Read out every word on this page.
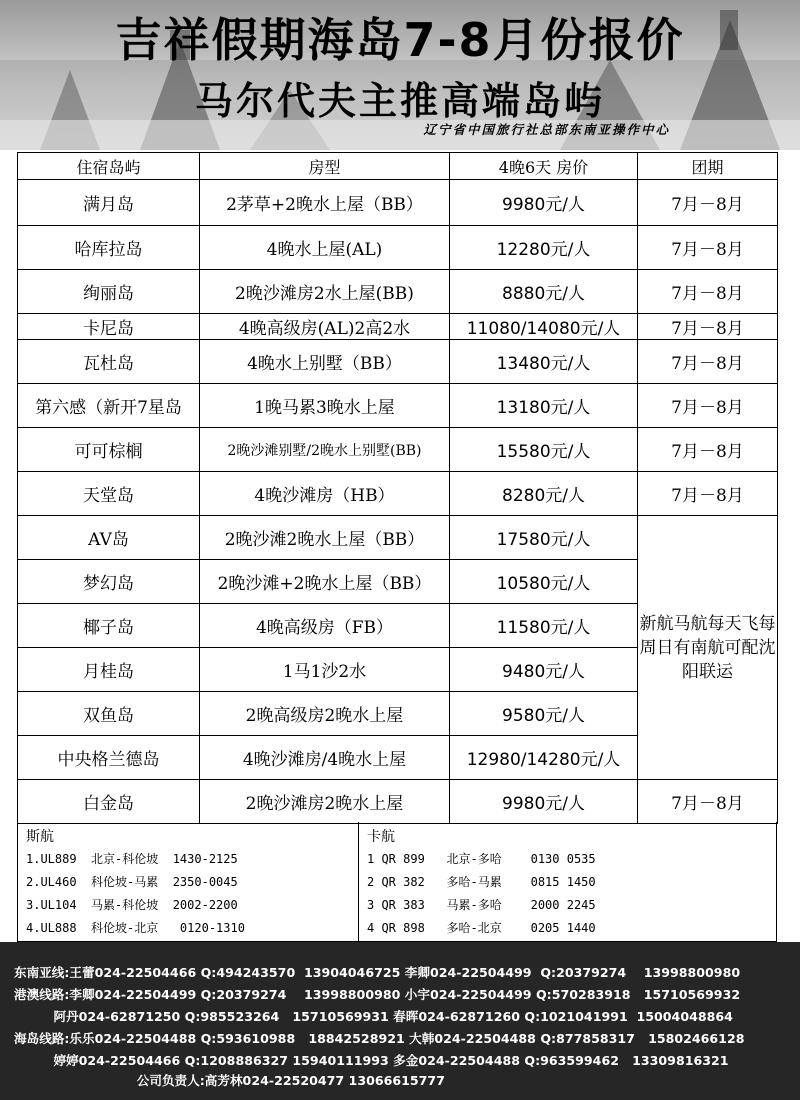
吉祥假期海岛7-8月份报价
马尔代夫主推高端岛屿
辽宁省中国旅行社总部东南亚操作中心
住宿岛屿	房型	4晚6天 房价	团期
满月岛	2茅草+2晚水上屋（BB）	9980元/人	7月－8月
哈库拉岛	4晚水上屋(AL)	12280元/人	7月－8月
绚丽岛	2晚沙滩房2水上屋(BB)	8880元/人	7月－8月
卡尼岛	4晚高级房(AL)2高2水	11080/14080元/人	7月－8月
瓦杜岛	4晚水上别墅（BB）	13480元/人	7月－8月
第六感（新开7星岛	1晚马累3晚水上屋	13180元/人	7月－8月
可可棕榈	2晚沙滩别墅/2晚水上别墅(BB)	15580元/人	7月－8月
天堂岛	4晚沙滩房（HB）	8280元/人	7月－8月
AV岛	2晚沙滩2晚水上屋（BB）	17580元/人	新航马航每天飞每周日有南航可配沈阳联运
梦幻岛	2晚沙滩+2晚水上屋（BB）	10580元/人	
椰子岛	4晚高级房（FB）	11580元/人	
月桂岛	1马1沙2水	9480元/人	
双鱼岛	2晚高级房2晚水上屋	9580元/人	
中央格兰德岛	4晚沙滩房/4晚水上屋	12980/14280元/人	
白金岛	2晚沙滩房2晚水上屋	9980元/人	7月－8月
斯航
1.UL889  北京-科伦坡  1430-2125
2.UL460  科伦坡-马累  2350-0045
3.UL104  马累-科伦坡  2002-2200
4.UL888  科伦坡-北京   0120-1310
卡航
1 QR 899   北京-多哈    0130 0535
2 QR 382   多哈-马累    0815 1450
3 QR 383   马累-多哈    2000 2245
4 QR 898   多哈-北京    0205 1440
东南亚线:王蕾024-22504466 Q:494243570  13904046725 李卿024-22504499  Q:20379274    13998800980
港澳线路:李卿024-22504499 Q:20379274    13998800980 小宇024-22504499 Q:570283918   15710569932
阿丹024-62871250 Q:985523264   15710569931 春晖024-62871260 Q:1021041991  15004048864
海岛线路:乐乐024-22504488 Q:593610988   18842528921 大韩024-22504488 Q:877858317   15802466128
婷婷024-22504466 Q:1208886327 15940111993 多金024-22504488 Q:963599462   13309816321
公司负责人:高芳林024-22520477 13066615777
